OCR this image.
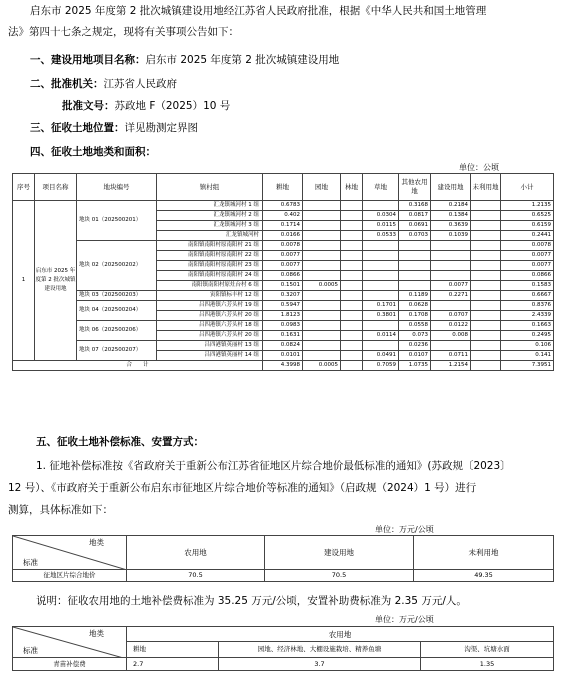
启东市 2025 年度第 2 批次城镇建设用地经江苏省人民政府批准，根据《中华人民共和国土地管理
法》第四十七条之规定，现将有关事项公告如下：
一、建设用地项目名称：启东市 2025 年度第 2 批次城镇建设用地
二、批准机关：江苏省人民政府
批准文号：苏政地 F（2025）10 号
三、征收土地位置：详见勘测定界图
四、征收土地地类和面积：
单位：公顷
序号	项目名称	地块编号	镇村组	耕地	园地	林地	草地	其他农用地	建设用地	未利用地	小计
1	启东市 2025 年度第 2 批次城镇建设用地	地块 01（202500201）	汇龙镇城河村 1 组	0.6783				0.3168	0.2184		1.2135
			汇龙镇城河村 2 组	0.402			0.0304	0.0817	0.1384		0.6525
			汇龙镇城河村 3 组	0.1714			0.0115	0.0691	0.3639		0.6159
			汇龙镇城河村	0.0166			0.0533	0.0703	0.1039		0.2441
		地块 02（202500202）	南阳镇南阳村原南阳村 21 组	0.0078							0.0078
			南阳镇南阳村原南阳村 22 组	0.0077							0.0077
			南阳镇南阳村原南阳村 23 组	0.0077							0.0077
			南阳镇南阳村原南阳村 24 组	0.0866							0.0866
			南阳镇南阳村原灶台村 6 组	0.1501	0.0005				0.0077		0.1583
		地块 03（202500203）	寅阳镇标丰村 12 组	0.3207				0.1189	0.2271		0.6667
		地块 04（202500204）	吕四港镇六芳头村 19 组	0.5947			0.1701	0.0628			0.8376
			吕四港镇六芳头村 20 组	1.8123			0.3801	0.1708	0.0707		2.4339
		地块 06（202500206）	吕四港镇六芳头村 18 组	0.0983				0.0558	0.0122		0.1663
			吕四港镇六芳头村 20 组	0.1631			0.0114	0.073	0.008		0.2495
		地块 07（202500207）	吕四港镇英丽村 13 组	0.0824				0.0236			0.106
			吕四港镇英丽村 14 组	0.0101			0.0491	0.0107	0.0711		0.141
合　　计				4.3998	0.0005		0.7059	1.0735	1.2154		7.3951
五、征收土地补偿标准、安置方式：
1. 征地补偿标准按《省政府关于重新公布江苏省征地区片综合地价最低标准的通知》(苏政规〔2023〕
12 号）、《市政府关于重新公布启东市征地区片综合地价等标准的通知》（启政规（2024）1 号）进行
测算，具体标准如下：
单位：万元/公顷
地类
标准	农用地	建设用地	未利用地
征地区片综合地价	70.5	70.5	49.35
说明：征收农用地的土地补偿费标准为 35.25 万元/公顷，安置补助费标准为 2.35 万元/人。
单位：万元/公顷
地类
标准	农用地		
	耕地	园地、经济林地、大棚设施栽培、精养鱼塘	沟渠、坑塘水面
青苗补偿费	2.7	3.7	1.35
